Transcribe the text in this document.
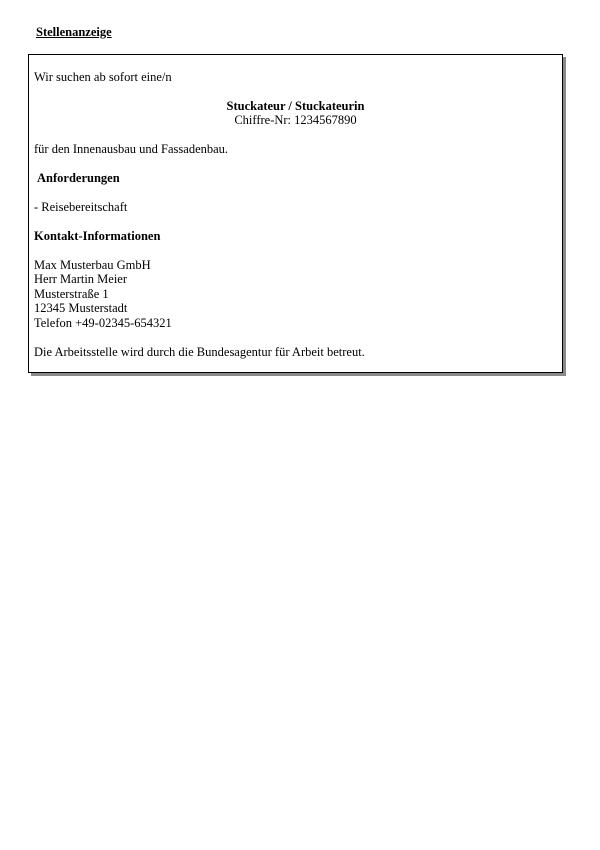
Stellenanzeige
Wir suchen ab sofort eine/n
Stuckateur / Stuckateurin
Chiffre-Nr: 1234567890
für den Innenausbau und Fassadenbau.
Anforderungen
- Reisebereitschaft
Kontakt-Informationen
Max Musterbau GmbH
Herr Martin Meier
Musterstraße 1
12345 Musterstadt
Telefon +49-02345-654321
Die Arbeitsstelle wird durch die Bundesagentur für Arbeit betreut.
